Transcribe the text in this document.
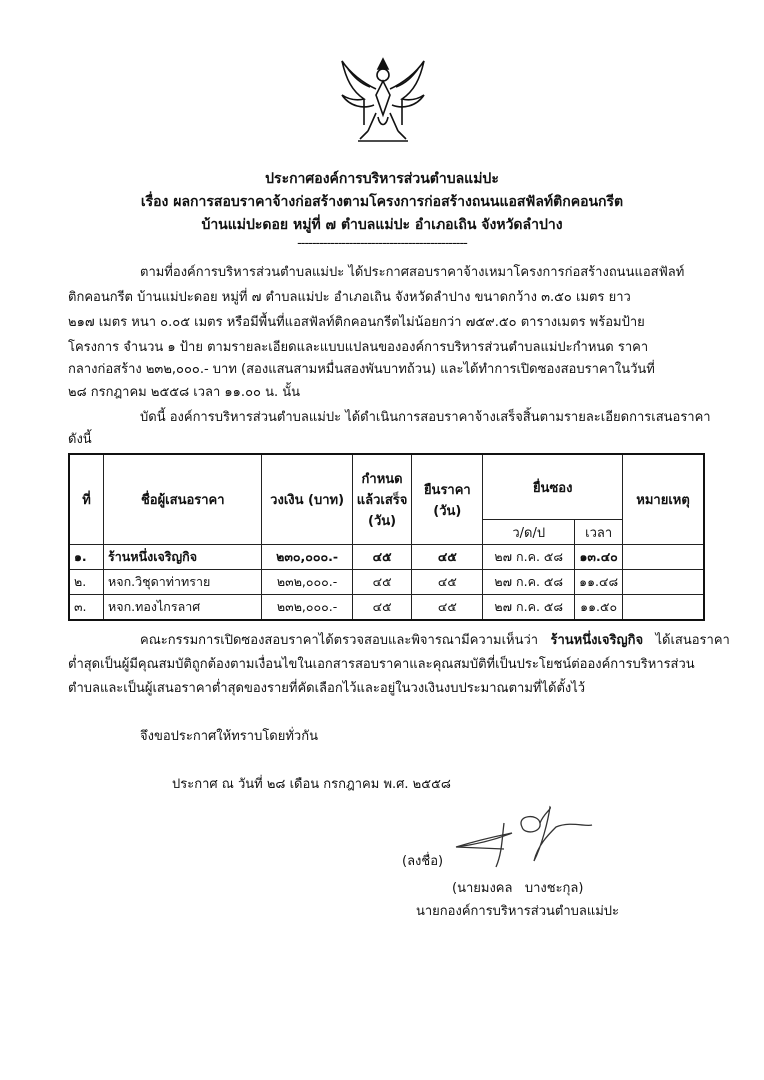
ประกาศองค์การบริหารส่วนตำบลแม่ปะ
เรื่อง ผลการสอบราคาจ้างก่อสร้างตามโครงการก่อสร้างถนนแอสฟัลท์ติกคอนกรีต
บ้านแม่ปะดอย หมู่ที่ ๗ ตำบลแม่ปะ อำเภอเถิน จังหวัดลำปาง
----------------------------------------------
ตามที่องค์การบริหารส่วนตำบลแม่ปะ ได้ประกาศสอบราคาจ้างเหมาโครงการก่อสร้างถนนแอสฟัลท์
ติกคอนกรีต บ้านแม่ปะดอย หมู่ที่ ๗ ตำบลแม่ปะ อำเภอเถิน จังหวัดลำปาง ขนาดกว้าง ๓.๕๐ เมตร ยาว
๒๑๗ เมตร หนา ๐.๐๕ เมตร หรือมีพื้นที่แอสฟัลท์ติกคอนกรีตไม่น้อยกว่า ๗๕๙.๕๐ ตารางเมตร พร้อมป้าย
โครงการ จำนวน ๑ ป้าย ตามรายละเอียดและแบบแปลนขององค์การบริหารส่วนตำบลแม่ปะกำหนด ราคา
กลางก่อสร้าง ๒๓๒,๐๐๐.- บาท (สองแสนสามหมื่นสองพันบาทถ้วน) และได้ทำการเปิดซองสอบราคาในวันที่
๒๘ กรกฎาคม ๒๕๕๘ เวลา ๑๑.๐๐ น. นั้น
บัดนี้ องค์การบริหารส่วนตำบลแม่ปะ ได้ดำเนินการสอบราคาจ้างเสร็จสิ้นตามรายละเอียดการเสนอราคา
ดังนี้
ที่	ชื่อผู้เสนอราคา	วงเงิน (บาท)	กำหนด แล้วเสร็จ (วัน)	ยืนราคา (วัน)	ยื่นซอง		หมายเหตุ
					ว/ด/ป	เวลา	
๑.	ร้านหนึ่งเจริญกิจ	๒๓๐,๐๐๐.-	๔๕	๔๕	๒๗ ก.ค. ๕๘	๑๓.๔๐	
๒.	หจก.วิชุดาท่าทราย	๒๓๒,๐๐๐.-	๔๕	๔๕	๒๗ ก.ค. ๕๘	๑๑.๔๘	
๓.	หจก.ทองไกรลาศ	๒๓๒,๐๐๐.-	๔๕	๔๕	๒๗ ก.ค. ๕๘	๑๑.๕๐	
คณะกรรมการเปิดซองสอบราคาได้ตรวจสอบและพิจารณามีความเห็นว่า ร้านหนึ่งเจริญกิจ ได้เสนอราคา
ต่ำสุดเป็นผู้มีคุณสมบัติถูกต้องตามเงื่อนไขในเอกสารสอบราคาและคุณสมบัติที่เป็นประโยชน์ต่อองค์การบริหารส่วน
ตำบลและเป็นผู้เสนอราคาต่ำสุดของรายที่คัดเลือกไว้และอยู่ในวงเงินงบประมาณตามที่ได้ตั้งไว้
จึงขอประกาศให้ทราบโดยทั่วกัน
ประกาศ ณ วันที่ ๒๘ เดือน กรกฎาคม พ.ศ. ๒๕๕๘
(ลงชื่อ)
(นายมงคล   บางชะกุล)
นายกองค์การบริหารส่วนตำบลแม่ปะ
